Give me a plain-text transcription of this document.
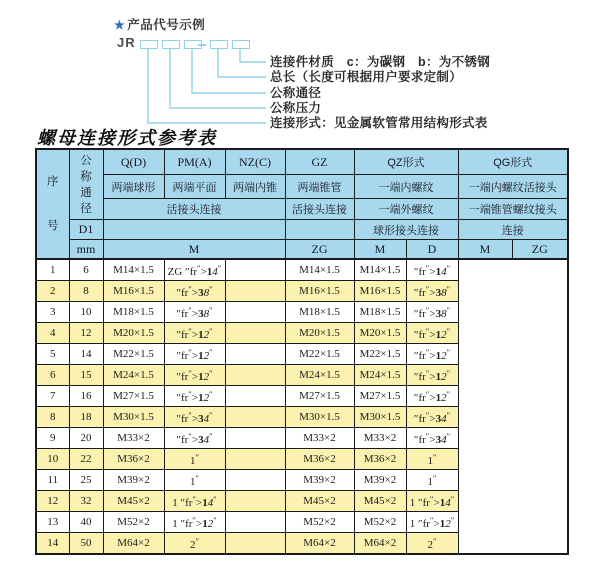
★ 产品代号示例
JR
连接件材质　c：为碳钢　b：为不锈钢
总长（长度可根据用户要求定制）
公称通径
公称压力
连接形式：见金属软管常用结构形式表
螺母连接形式参考表
序号	公称通径	Q(D)	PM(A)	NZ(C)	GZ	QZ形式		QG形式	
		两端球形	两端平面	两端内锥	两端锥管	一端内螺纹		一端内螺纹活接头	
		活接头连接			活接头连接	一端外螺纹		一端锥管螺纹接头	
	D1					球形接头连接		连接	
	mm	M			ZG	M	D	M	ZG
1	6	M14×1.5	ZG ″fr″>14″		M14×1.5	M14×1.5	″fr″>14″
2	8	M16×1.5	″fr″>38″		M16×1.5	M16×1.5	″fr″>38″
3	10	M18×1.5	″fr″>38″		M18×1.5	M18×1.5	″fr″>38″
4	12	M20×1.5	″fr″>12″		M20×1.5	M20×1.5	″fr″>12″
5	14	M22×1.5	″fr″>12″		M22×1.5	M22×1.5	″fr″>12″
6	15	M24×1.5	″fr″>12″		M24×1.5	M24×1.5	″fr″>12″
7	16	M27×1.5	″fr″>12″		M27×1.5	M27×1.5	″fr″>12″
8	18	M30×1.5	″fr″>34″		M30×1.5	M30×1.5	″fr″>34″
9	20	M33×2	″fr″>34″		M33×2	M33×2	″fr″>34″
10	22	M36×2	1″		M36×2	M36×2	1″
11	25	M39×2	1″		M39×2	M39×2	1″
12	32	M45×2	1 ″fr″>14″		M45×2	M45×2	1 ″fr″>14″
13	40	M52×2	1 ″fr″>12″		M52×2	M52×2	1 ″fr″>12″
14	50	M64×2	2″		M64×2	M64×2	2″
